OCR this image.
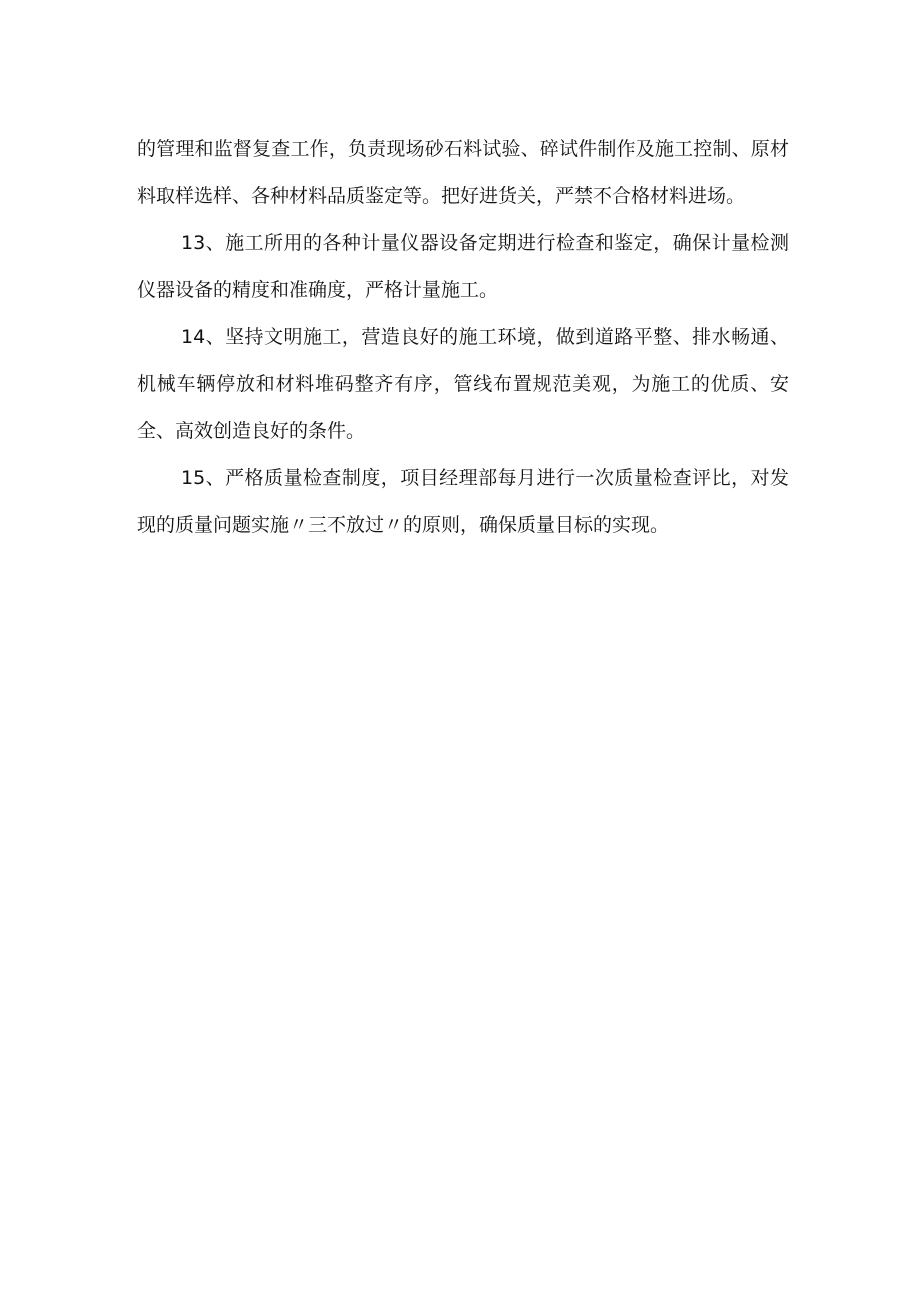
的管理和监督复查工作，负责现场砂石料试验、碎试件制作及施工控制、原材料取样选样、各种材料品质鉴定等。把好进货关，严禁不合格材料进场。

13、施工所用的各种计量仪器设备定期进行检查和鉴定，确保计量检测仪器设备的精度和准确度，严格计量施工。

14、坚持文明施工，营造良好的施工环境，做到道路平整、排水畅通、机械车辆停放和材料堆码整齐有序，管线布置规范美观，为施工的优质、安全、高效创造良好的条件。

15、严格质量检查制度，项目经理部每月进行一次质量检查评比，对发现的质量问题实施〃三不放过〃的原则，确保质量目标的实现。
